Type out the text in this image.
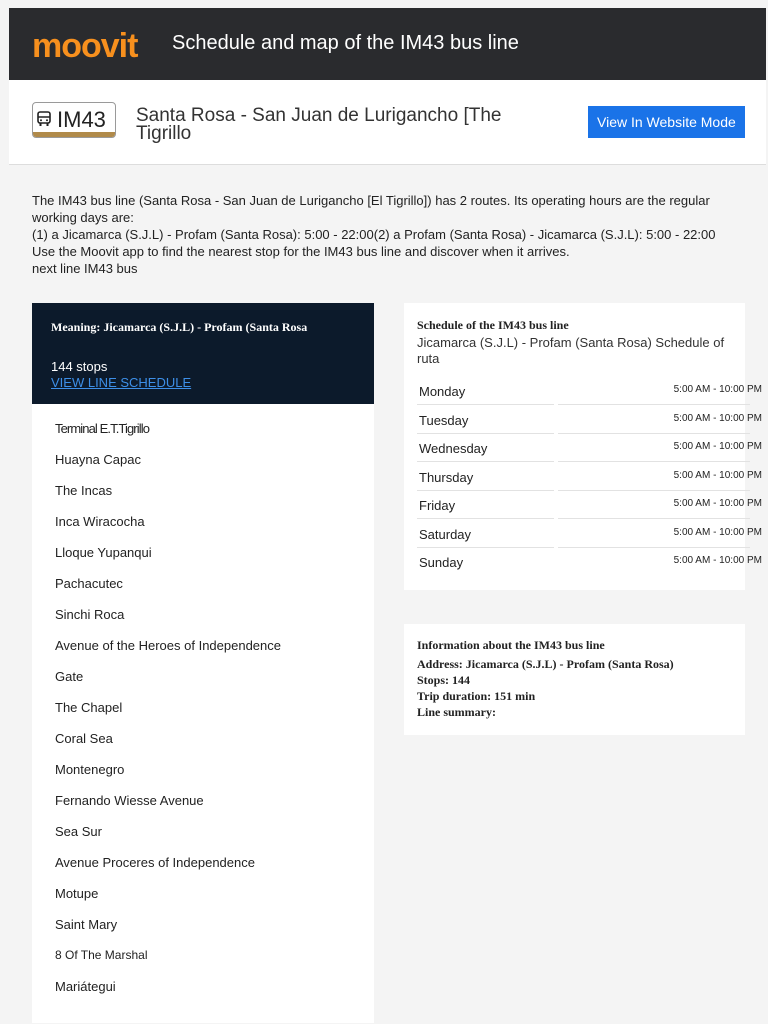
moovit Schedule and map of the IM43 bus line
IM43 Santa Rosa - San Juan de Lurigancho [The Tigrillo
View In Website Mode

The IM43 bus line (Santa Rosa - San Juan de Lurigancho [El Tigrillo]) has 2 routes. Its operating hours are the regular working days are:

(1) a Jicamarca (S.J.L) - Profam (Santa Rosa): 5:00 - 22:00(2) a Profam (Santa Rosa) - Jicamarca (S.J.L): 5:00 - 22:00

Use the Moovit app to find the nearest stop for the IM43 bus line and discover when it arrives.

next line IM43 bus

Meaning: Jicamarca (S.J.L) - Profam (Santa Rosa
144 stops
VIEW LINE SCHEDULE
Terminal E.T.Tigrillo
Huayna Capac
The Incas
Inca Wiracocha
Lloque Yupanqui
Pachacutec
Sinchi Roca
Avenue of the Heroes of Independence
Gate
The Chapel
Coral Sea
Montenegro
Fernando Wiesse Avenue
Sea Sur
Avenue Proceres of Independence
Motupe
Saint Mary
8 Of The Marshal
Mariátegui
Schedule of the IM43 bus line
Jicamarca (S.J.L) - Profam (Santa Rosa) Schedule of ruta
Monday	5:00 AM - 10:00 PM
Tuesday	5:00 AM - 10:00 PM
Wednesday	5:00 AM - 10:00 PM
Thursday	5:00 AM - 10:00 PM
Friday	5:00 AM - 10:00 PM
Saturday	5:00 AM - 10:00 PM
Sunday	5:00 AM - 10:00 PM
Information about the IM43 bus line
Address: Jicamarca (S.J.L) - Profam (Santa Rosa)
Stops: 144
Trip duration: 151 min
Line summary:
